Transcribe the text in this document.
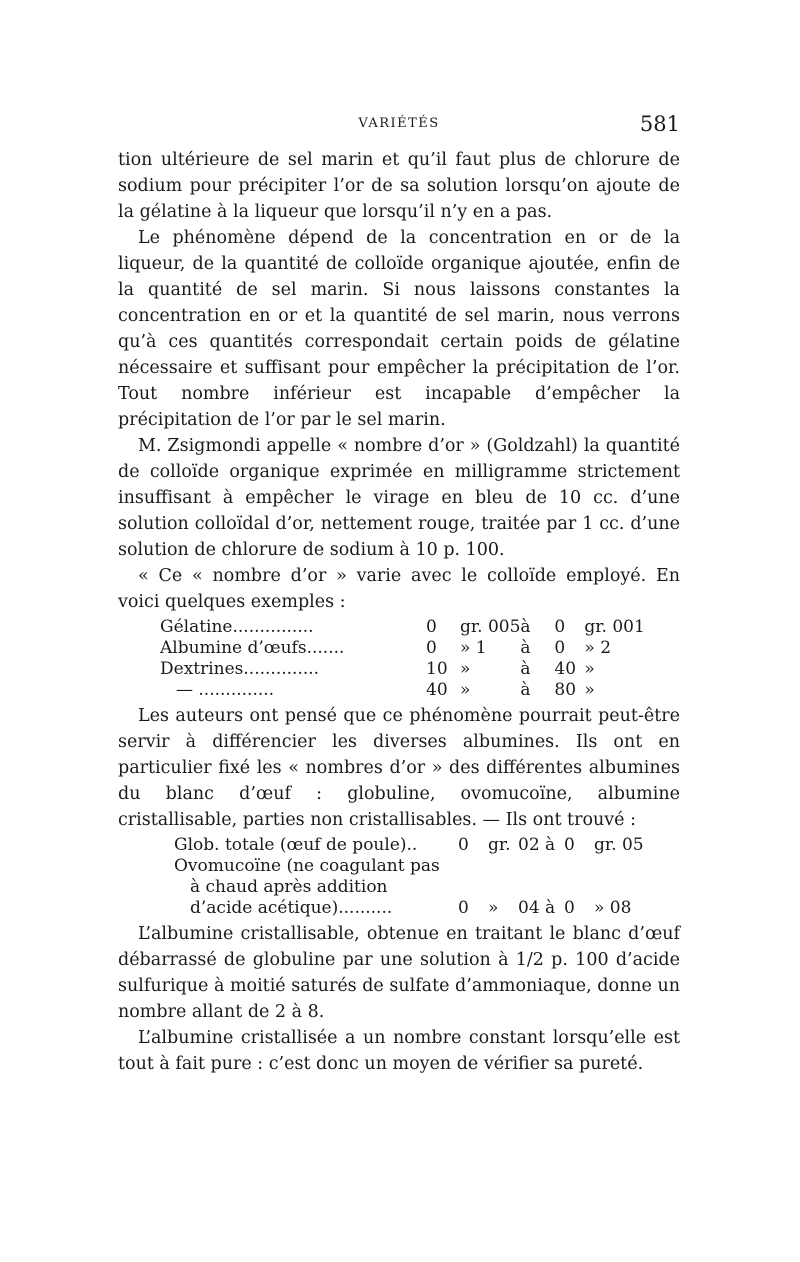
VARIÉTÉS	581

tion ultérieure de sel marin et qu’il faut plus de chlorure de sodium pour précipiter l’or de sa solution lorsqu’on ajoute de la gélatine à la liqueur que lorsqu’il n’y en a pas.

Le phénomène dépend de la concentration en or de la liqueur, de la quantité de colloïde organique ajoutée, enfin de la quantité de sel marin. Si nous laissons constantes la concentration en or et la quantité de sel marin, nous verrons qu’à ces quantités correspondait certain poids de gélatine nécessaire et suffisant pour empêcher la précipitation de l’or. Tout nombre inférieur est incapable d’empêcher la précipitation de l’or par le sel marin.

M. Zsigmondi appelle « nombre d’or » (Goldzahl) la quantité de colloïde organique exprimée en milligramme strictement insuffisant à empêcher le virage en bleu de 10 cc. d’une solution colloïdal d’or, nettement rouge, traitée par 1 cc. d’une solution de chlorure de sodium à 10 p. 100.

« Ce « nombre d’or » varie avec le colloïde employé. En voici quelques exemples :

Gélatine...............	0	gr. 005	à	0	gr. 001
Albumine d’œufs.......	0	» 1	à	0	» 2
Dextrines..............	10	»	à	40	»
— ..............	40	»	à	80	»

Les auteurs ont pensé que ce phénomène pourrait peut-être servir à différencier les diverses albumines. Ils ont en particulier fixé les « nombres d’or » des différentes albumines du blanc d’œuf : globuline, ovomucoïne, albumine cristallisable, parties non cristallisables. — Ils ont trouvé :

Glob. totale (œuf de poule)..	0	gr.	02 à	0	gr. 05
Ovomucoïne (ne coagulant pas					
à chaud après addition					
d’acide acétique)..........	0	»	04 à	0	» 08

L’albumine cristallisable, obtenue en traitant le blanc d’œuf débarrassé de globuline par une solution à 1/2 p. 100 d’acide sulfurique à moitié saturés de sulfate d’ammoniaque, donne un nombre allant de 2 à 8.

L’albumine cristallisée a un nombre constant lorsqu’elle est tout à fait pure : c’est donc un moyen de vérifier sa pureté.
